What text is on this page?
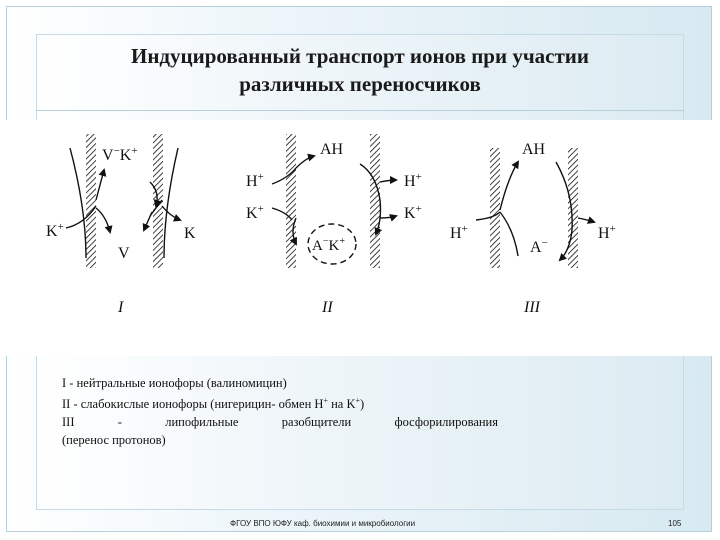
Индуцированный транспорт ионов при участии
различных переносчиков
V−K+
K+
V
K
I
AH
H+
K+
H+
K+
A−K+
II
AH
H+
A−
H+
III
I - нейтральные ионофоры (валиномицин)
II - слабокислые ионофоры (нигерицин- обмен H+ на K+)
III	-	липофильные	разобщители	фосфорилирования
(перенос протонов)
ФГОУ ВПО ЮФУ каф. биохимии и микробиологии	105
